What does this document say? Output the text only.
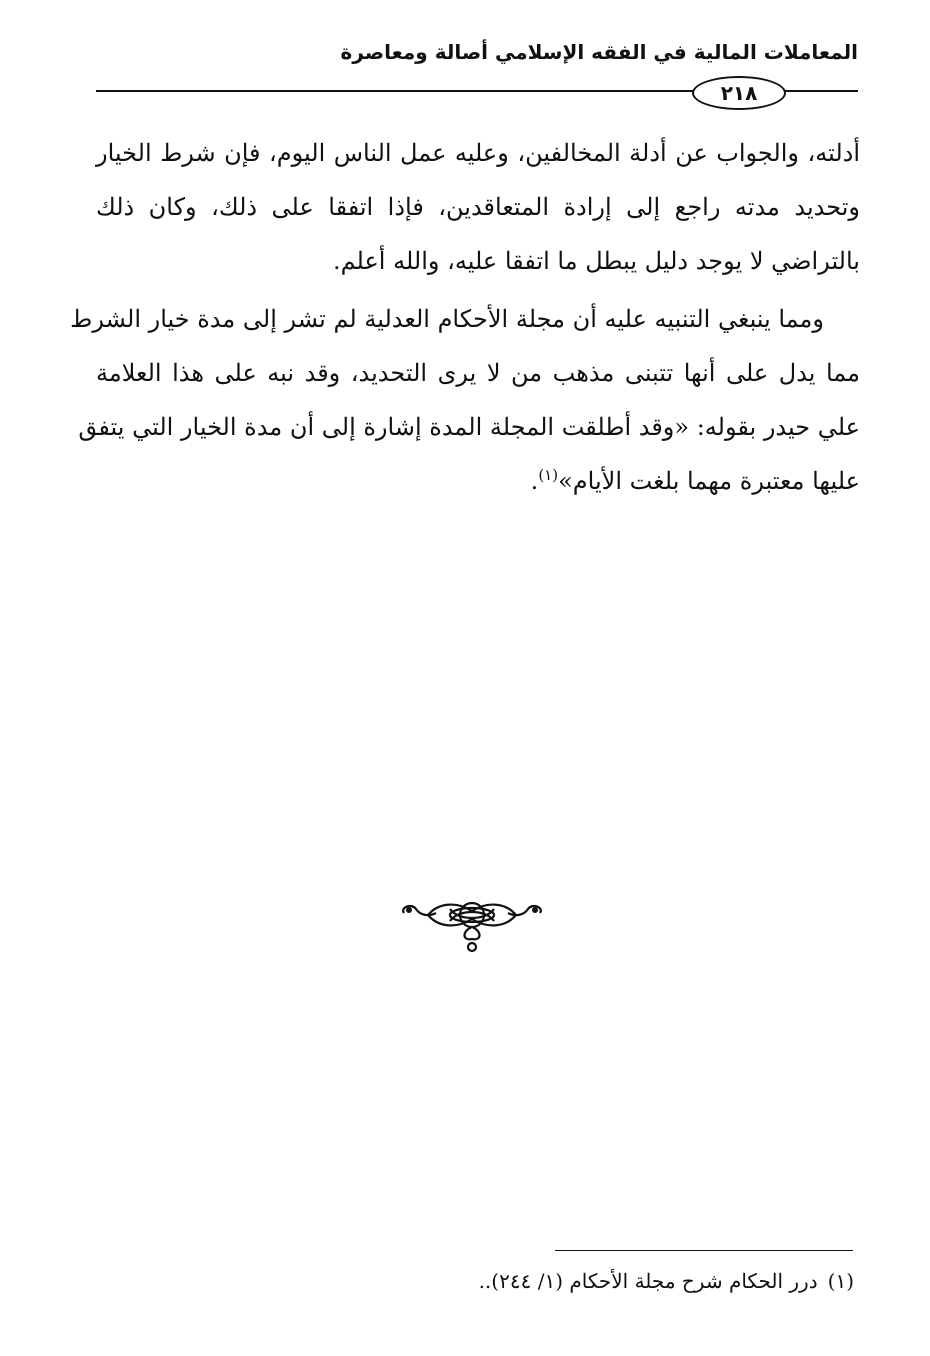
المعاملات المالية في الفقه الإسلامي أصالة ومعاصرة
٢١٨
أدلته، والجواب عن أدلة المخالفين، وعليه عمل الناس اليوم، فإن شرط الخيار
وتحديد مدته راجع إلى إرادة المتعاقدين، فإذا اتفقا على ذلك، وكان ذلك
بالتراضي لا يوجد دليل يبطل ما اتفقا عليه، والله أعلم.
ومما ينبغي التنبيه عليه أن مجلة الأحكام العدلية لم تشر إلى مدة خيار الشرط
مما يدل على أنها تتبنى مذهب من لا يرى التحديد، وقد نبه على هذا العلامة
علي حيدر بقوله: «وقد أطلقت المجلة المدة إشارة إلى أن مدة الخيار التي يتفق
عليها معتبرة مهما بلغت الأيام»$^{(١)}$.
(١)درر الحكام شرح مجلة الأحكام (١/ ٢٤٤)..
